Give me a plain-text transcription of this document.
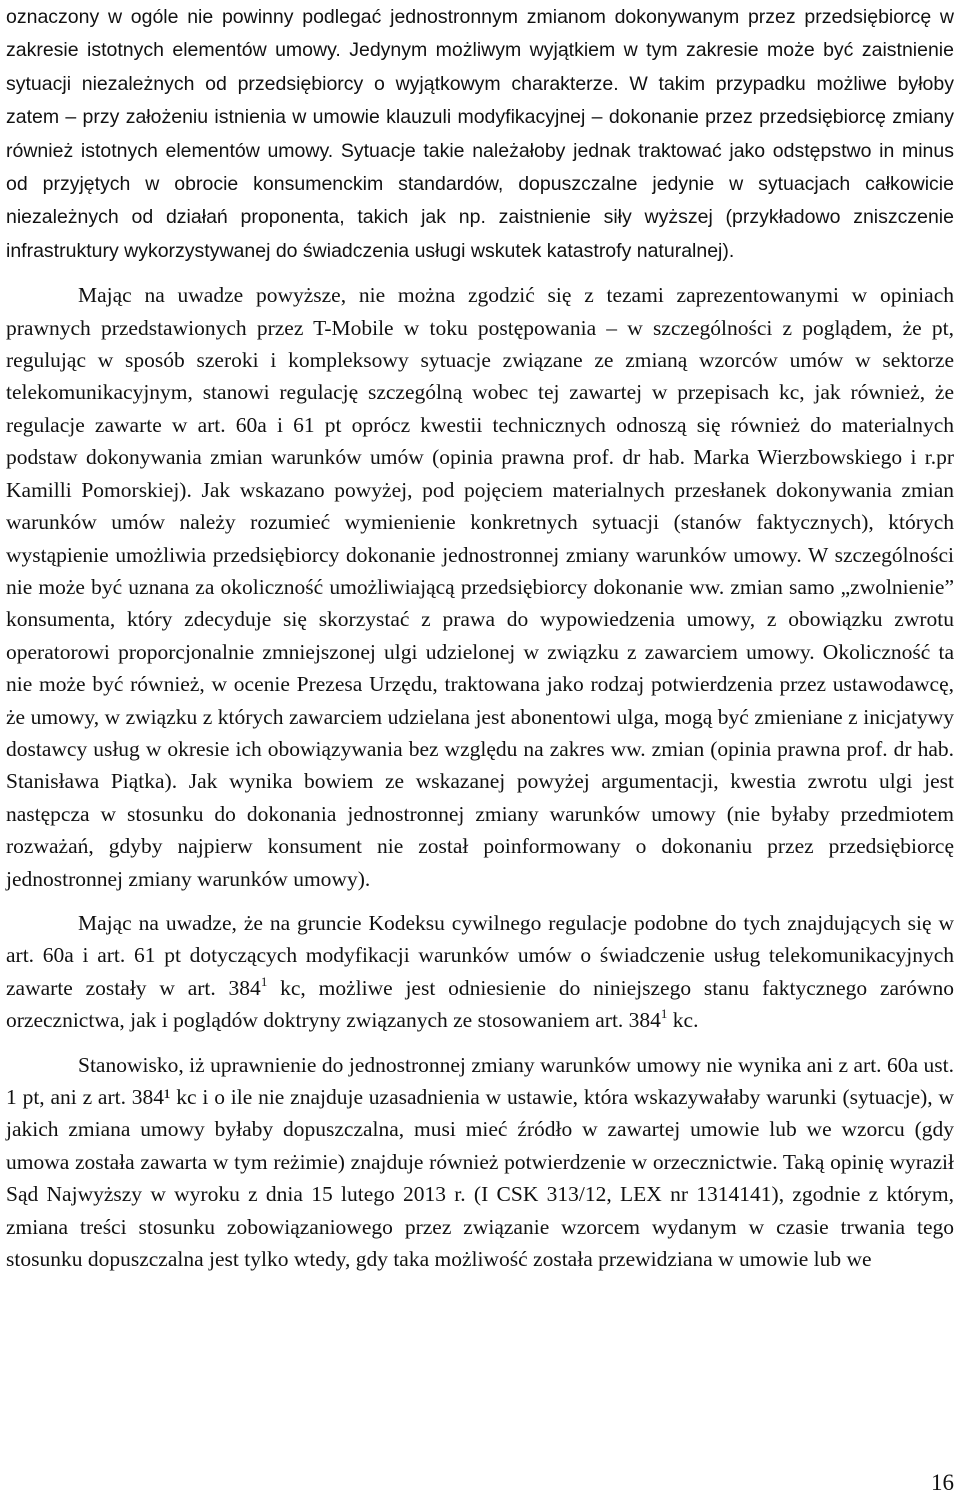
oznaczony w ogóle nie powinny podlegać jednostronnym zmianom dokonywanym przez przedsiębiorcę w zakresie istotnych elementów umowy. Jedynym możliwym wyjątkiem w tym zakresie może być zaistnienie sytuacji niezależnych od przedsiębiorcy o wyjątkowym charakterze. W takim przypadku możliwe byłoby zatem – przy założeniu istnienia w umowie klauzuli modyfikacyjnej – dokonanie przez przedsiębiorcę zmiany również istotnych elementów umowy. Sytuacje takie należałoby jednak traktować jako odstępstwo in minus od przyjętych w obrocie konsumenckim standardów, dopuszczalne jedynie w sytuacjach całkowicie niezależnych od działań proponenta, takich jak np. zaistnienie siły wyższej (przykładowo zniszczenie infrastruktury wykorzystywanej do świadczenia usługi wskutek katastrofy naturalnej).

Mając na uwadze powyższe, nie można zgodzić się z tezami zaprezentowanymi w opiniach prawnych przedstawionych przez T-Mobile w toku postępowania – w szczególności z poglądem, że pt, regulując w sposób szeroki i kompleksowy sytuacje związane ze zmianą wzorców umów w sektorze telekomunikacyjnym, stanowi regulację szczególną wobec tej zawartej w przepisach kc, jak również, że regulacje zawarte w art. 60a i 61 pt oprócz kwestii technicznych odnoszą się również do materialnych podstaw dokonywania zmian warunków umów (opinia prawna prof. dr hab. Marka Wierzbowskiego i r.pr Kamilli Pomorskiej). Jak wskazano powyżej, pod pojęciem materialnych przesłanek dokonywania zmian warunków umów należy rozumieć wymienienie konkretnych sytuacji (stanów faktycznych), których wystąpienie umożliwia przedsiębiorcy dokonanie jednostronnej zmiany warunków umowy. W szczególności nie może być uznana za okoliczność umożliwiającą przedsiębiorcy dokonanie ww. zmian samo „zwolnienie” konsumenta, który zdecyduje się skorzystać z prawa do wypowiedzenia umowy, z obowiązku zwrotu operatorowi proporcjonalnie zmniejszonej ulgi udzielonej w związku z zawarciem umowy. Okoliczność ta nie może być również, w ocenie Prezesa Urzędu, traktowana jako rodzaj potwierdzenia przez ustawodawcę, że umowy, w związku z których zawarciem udzielana jest abonentowi ulga, mogą być zmieniane z inicjatywy dostawcy usług w okresie ich obowiązywania bez względu na zakres ww. zmian (opinia prawna prof. dr hab. Stanisława Piątka). Jak wynika bowiem ze wskazanej powyżej argumentacji, kwestia zwrotu ulgi jest następcza w stosunku do dokonania jednostronnej zmiany warunków umowy (nie byłaby przedmiotem rozważań, gdyby najpierw konsument nie został poinformowany o dokonaniu przez przedsiębiorcę jednostronnej zmiany warunków umowy).

Mając na uwadze, że na gruncie Kodeksu cywilnego regulacje podobne do tych znajdujących się w art. 60a i art. 61 pt dotyczących modyfikacji warunków umów o świadczenie usług telekomunikacyjnych zawarte zostały w art. $384^1$ kc, możliwe jest odniesienie do niniejszego stanu faktycznego zarówno orzecznictwa, jak i poglądów doktryny związanych ze stosowaniem art. $384^1$ kc.

Stanowisko, iż uprawnienie do jednostronnej zmiany warunków umowy nie wynika ani z art. 60a ust. 1 pt, ani z art. 384¹ kc i o ile nie znajduje uzasadnienia w ustawie, która wskazywałaby warunki (sytuacje), w jakich zmiana umowy byłaby dopuszczalna, musi mieć źródło w zawartej umowie lub we wzorcu (gdy umowa została zawarta w tym reżimie) znajduje również potwierdzenie w orzecznictwie. Taką opinię wyraził Sąd Najwyższy w wyroku z dnia 15 lutego 2013 r. (I CSK 313/12, LEX nr 1314141), zgodnie z którym, zmiana treści stosunku zobowiązaniowego przez związanie wzorcem wydanym w czasie trwania tego stosunku dopuszczalna jest tylko wtedy, gdy taka możliwość została przewidziana w umowie lub we

16
